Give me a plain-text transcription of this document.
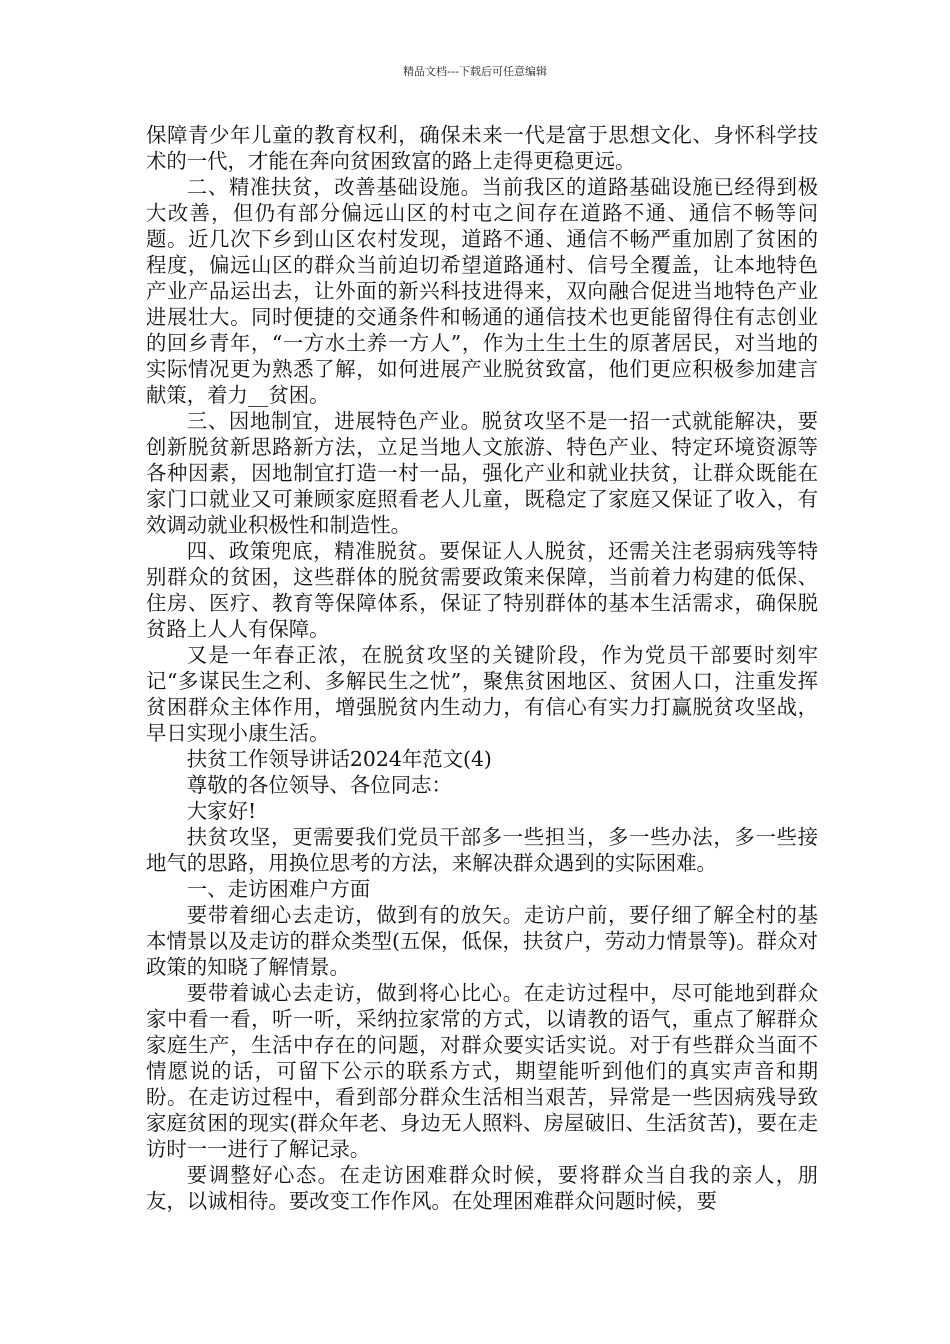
精品文档---下载后可任意编辑

保障青少年儿童的教育权利，确保未来一代是富于思想文化、身怀科学技术的一代，才能在奔向贫困致富的路上走得更稳更远。

二、精准扶贫，改善基础设施。当前我区的道路基础设施已经得到极大改善，但仍有部分偏远山区的村屯之间存在道路不通、通信不畅等问题。近几次下乡到山区农村发现，道路不通、通信不畅严重加剧了贫困的程度，偏远山区的群众当前迫切希望道路通村、信号全覆盖，让本地特色产业产品运出去，让外面的新兴科技进得来，双向融合促进当地特色产业进展壮大。同时便捷的交通条件和畅通的通信技术也更能留得住有志创业的回乡青年，“一方水土养一方人”，作为土生土生的原著居民，对当地的实际情况更为熟悉了解，如何进展产业脱贫致富，他们更应积极参加建言献策，着力__贫困。

三、因地制宜，进展特色产业。脱贫攻坚不是一招一式就能解决，要创新脱贫新思路新方法，立足当地人文旅游、特色产业、特定环境资源等各种因素，因地制宜打造一村一品，强化产业和就业扶贫，让群众既能在家门口就业又可兼顾家庭照看老人儿童，既稳定了家庭又保证了收入，有效调动就业积极性和制造性。

四、政策兜底，精准脱贫。要保证人人脱贫，还需关注老弱病残等特别群众的贫困，这些群体的脱贫需要政策来保障，当前着力构建的低保、住房、医疗、教育等保障体系，保证了特别群体的基本生活需求，确保脱贫路上人人有保障。

又是一年春正浓，在脱贫攻坚的关键阶段，作为党员干部要时刻牢记“多谋民生之利、多解民生之忧”，聚焦贫困地区、贫困人口，注重发挥贫困群众主体作用，增强脱贫内生动力，有信心有实力打赢脱贫攻坚战，早日实现小康生活。

扶贫工作领导讲话2024年范文(4)

尊敬的各位领导、各位同志：

大家好!

扶贫攻坚，更需要我们党员干部多一些担当，多一些办法，多一些接地气的思路，用换位思考的方法，来解决群众遇到的实际困难。

一、走访困难户方面

要带着细心去走访，做到有的放矢。走访户前，要仔细了解全村的基本情景以及走访的群众类型(五保，低保，扶贫户，劳动力情景等)。群众对政策的知晓了解情景。

要带着诚心去走访，做到将心比心。在走访过程中，尽可能地到群众家中看一看，听一听，采纳拉家常的方式，以请教的语气，重点了解群众家庭生产，生活中存在的问题，对群众要实话实说。对于有些群众当面不情愿说的话，可留下公示的联系方式，期望能听到他们的真实声音和期盼。在走访过程中，看到部分群众生活相当艰苦，异常是一些因病残导致家庭贫困的现实(群众年老、身边无人照料、房屋破旧、生活贫苦)，要在走访时一一进行了解记录。

要调整好心态。在走访困难群众时候，要将群众当自我的亲人，朋友，以诚相待。要改变工作作风。在处理困难群众问题时候，要
